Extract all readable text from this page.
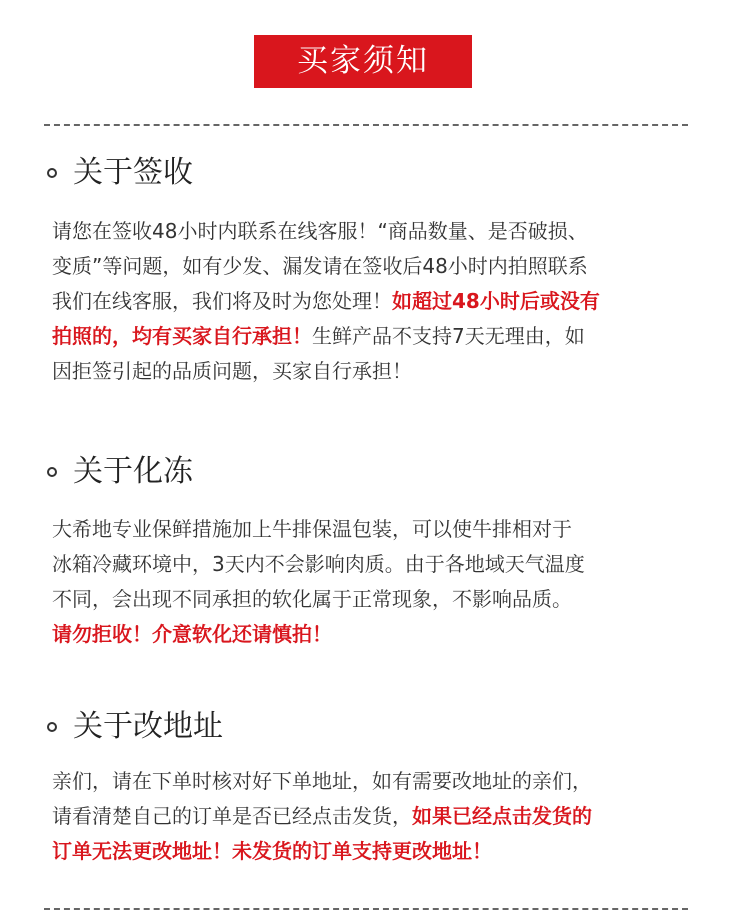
买家须知
关于签收
请您在签收48小时内联系在线客服！“商品数量、是否破损、
变质”等问题，如有少发、漏发请在签收后48小时内拍照联系
我们在线客服，我们将及时为您处理！如超过48小时后或没有
拍照的，均有买家自行承担！生鲜产品不支持7天无理由，如
因拒签引起的品质问题，买家自行承担！
关于化冻
大希地专业保鲜措施加上牛排保温包装，可以使牛排相对于
冰箱冷藏环境中，3天内不会影响肉质。由于各地域天气温度
不同，会出现不同承担的软化属于正常现象，不影响品质。
请勿拒收！介意软化还请慎拍！
关于改地址
亲们，请在下单时核对好下单地址，如有需要改地址的亲们，
请看清楚自己的订单是否已经点击发货，如果已经点击发货的
订单无法更改地址！未发货的订单支持更改地址！
